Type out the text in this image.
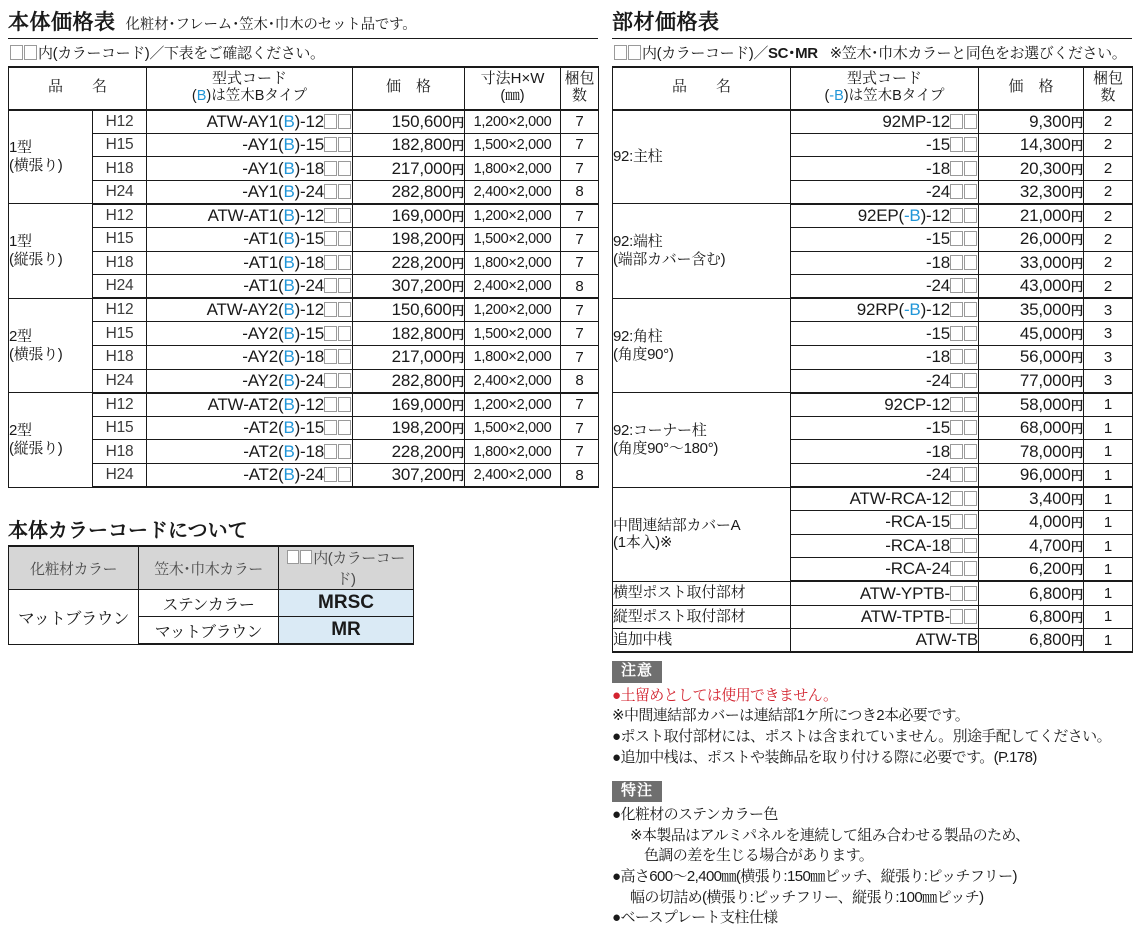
本体価格表 化粧材･フレーム･笠木･巾木のセット品です。
内(カラーコード)／下表をご確認ください。
品　名	型式コード
(B)は笠木Bタイプ
	価　格	寸法H×W
(㎜)

梱包
数

1型
(横張り)	H12	ATW-AY1(B)-12	150,600円	1,200×2,000	7
	H15	-AY1(B)-15	182,800円	1,500×2,000	7
	H18	-AY1(B)-18	217,000円	1,800×2,000	7
	H24	-AY1(B)-24	282,800円	2,400×2,000	8

1型
(縦張り)	H12	ATW-AT1(B)-12	169,000円	1,200×2,000	7
	H15	-AT1(B)-15	198,200円	1,500×2,000	7
	H18	-AT1(B)-18	228,200円	1,800×2,000	7
	H24	-AT1(B)-24	307,200円	2,400×2,000	8

2型
(横張り)	H12	ATW-AY2(B)-12	150,600円	1,200×2,000	7
	H15	-AY2(B)-15	182,800円	1,500×2,000	7
	H18	-AY2(B)-18	217,000円	1,800×2,000	7
	H24	-AY2(B)-24	282,800円	2,400×2,000	8

2型
(縦張り)	H12	ATW-AT2(B)-12	169,000円	1,200×2,000	7
	H15	-AT2(B)-15	198,200円	1,500×2,000	7
	H18	-AT2(B)-18	228,200円	1,800×2,000	7
	H24	-AT2(B)-24	307,200円	2,400×2,000	8
本体カラーコードについて
化粧材カラー	笠木･巾木カラー	内(カラーコード)
マットブラウン	ステンカラー	MRSC
	マットブラウン	MR
部材価格表
内(カラーコード)／SC･MR ※笠木･巾木カラーと同色をお選びください。
品　名	型式コード
(-B)は笠木Bタイプ
	価　格	梱包
数

92:主柱	92MP-12	9,300円	2
	-15	14,300円	2
	-18	20,300円	2
	-24	32,300円	2

92:端柱
(端部カバー含む)	92EP(-B)-12	21,000円	2
	-15	26,000円	2
	-18	33,000円	2
	-24	43,000円	2

92:角柱
(角度90°)	92RP(-B)-12	35,000円	3
	-15	45,000円	3
	-18	56,000円	3
	-24	77,000円	3

92:コーナー柱
(角度90°～180°)	92CP-12	58,000円	1
	-15	68,000円	1
	-18	78,000円	1
	-24	96,000円	1

中間連結部カバーA
(1本入)※	ATW-RCA-12	3,400円	1
	-RCA-15	4,000円	1
	-RCA-18	4,700円	1
	-RCA-24	6,200円	1
横型ポスト取付部材	ATW-YPTB-	6,800円	1
縦型ポスト取付部材	ATW-TPTB-	6,800円	1
追加中桟	ATW-TB	6,800円	1
注意
●土留めとしては使用できません。
※中間連結部カバーは連結部1ケ所につき2本必要です。
●ポスト取付部材には、ポストは含まれていません。別途手配してください。
●追加中桟は、ポストや装飾品を取り付ける際に必要です。(P.178)
特注
●化粧材のステンカラー色
※本製品はアルミパネルを連続して組み合わせる製品のため、
色調の差を生じる場合があります。
●高さ600～2,400㎜(横張り:150㎜ピッチ、縦張り:ピッチフリー)
幅の切詰め(横張り:ピッチフリー、縦張り:100㎜ピッチ)
●ベースプレート支柱仕様
